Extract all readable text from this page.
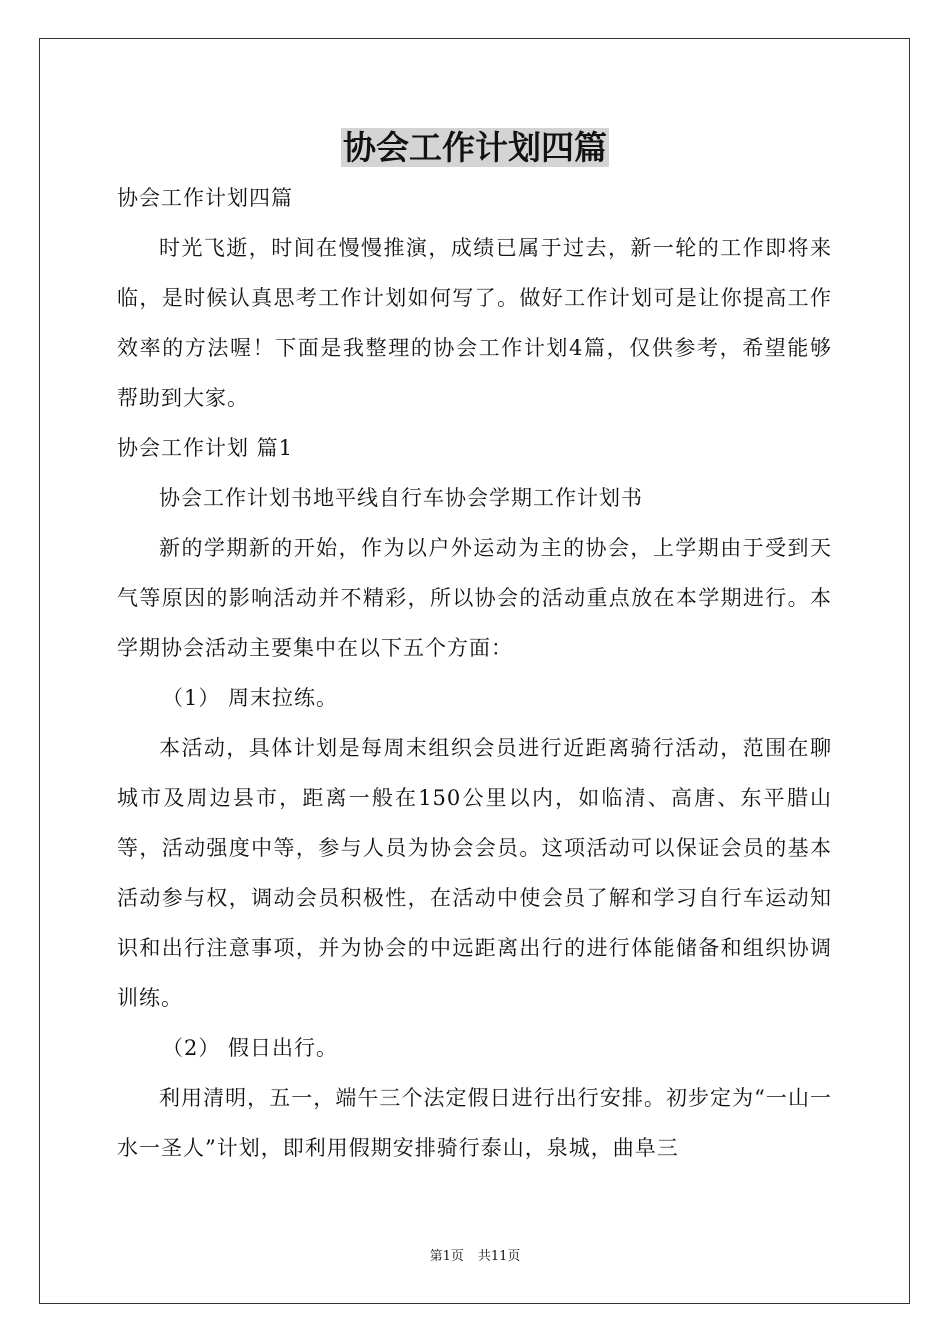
协会工作计划四篇

协会工作计划四篇

时光飞逝，时间在慢慢推演，成绩已属于过去，新一轮的工作即将来临，是时候认真思考工作计划如何写了。做好工作计划可是让你提高工作效率的方法喔！下面是我整理的协会工作计划4篇，仅供参考，希望能够帮助到大家。

协会工作计划 篇1

协会工作计划书地平线自行车协会学期工作计划书

新的学期新的开始，作为以户外运动为主的协会，上学期由于受到天气等原因的影响活动并不精彩，所以协会的活动重点放在本学期进行。本学期协会活动主要集中在以下五个方面：

（1） 周末拉练。

本活动，具体计划是每周末组织会员进行近距离骑行活动，范围在聊城市及周边县市，距离一般在150公里以内，如临清、高唐、东平腊山等，活动强度中等，参与人员为协会会员。这项活动可以保证会员的基本活动参与权，调动会员积极性，在活动中使会员了解和学习自行车运动知识和出行注意事项，并为协会的中远距离出行的进行体能储备和组织协调训练。

（2） 假日出行。

利用清明，五一，端午三个法定假日进行出行安排。初步定为“一山一水一圣人”计划，即利用假期安排骑行泰山，泉城，曲阜三

第1页 共11页
